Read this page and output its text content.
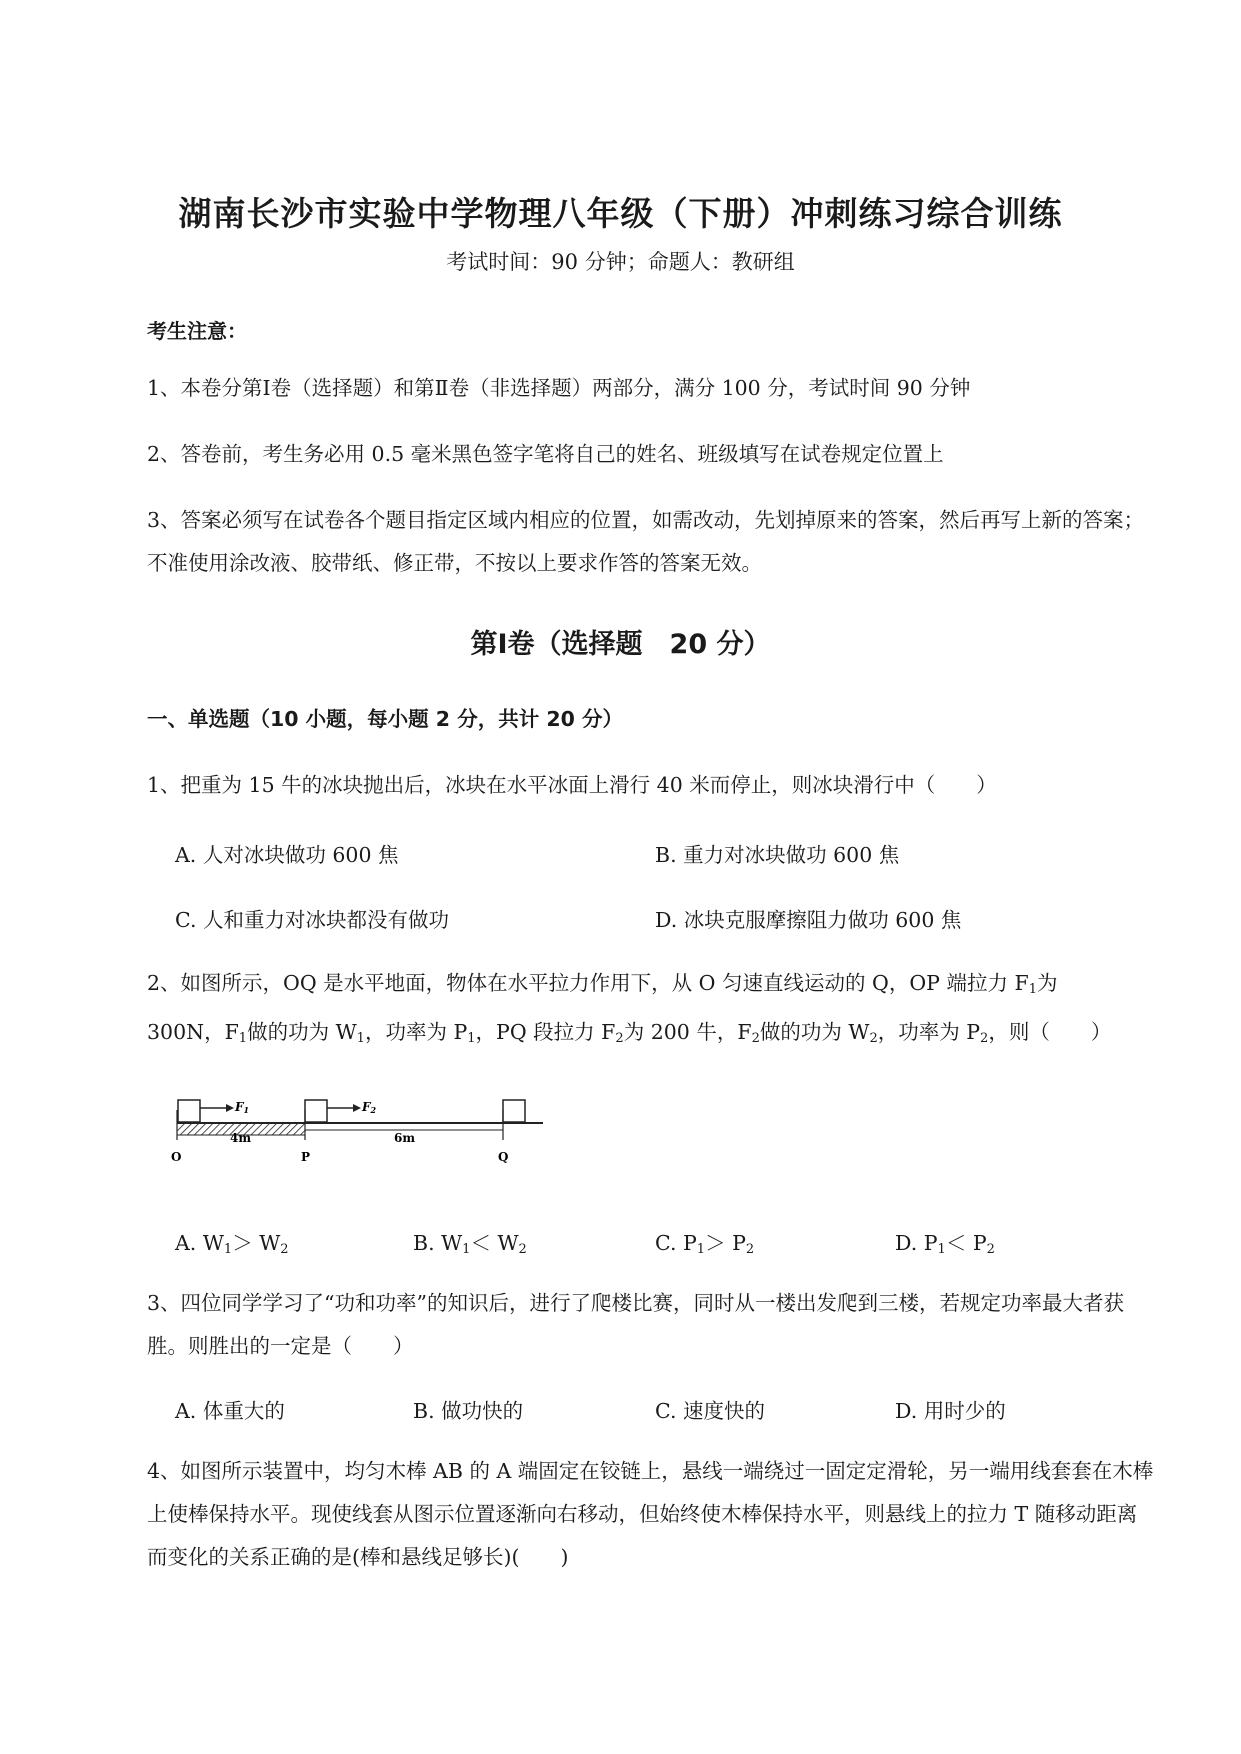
湖南长沙市实验中学物理八年级（下册）冲刺练习综合训练
考试时间：90 分钟；命题人：教研组
考生注意：
1、本卷分第Ⅰ卷（选择题）和第Ⅱ卷（非选择题）两部分，满分 100 分，考试时间 90 分钟
2、答卷前，考生务必用 0.5 毫米黑色签字笔将自己的姓名、班级填写在试卷规定位置上
3、答案必须写在试卷各个题目指定区域内相应的位置，如需改动，先划掉原来的答案，然后再写上新的答案；不准使用涂改液、胶带纸、修正带，不按以上要求作答的答案无效。
第Ⅰ卷（选择题　20 分）
一、单选题（10 小题，每小题 2 分，共计 20 分）
1、把重为 15 牛的冰块抛出后，冰块在水平冰面上滑行 40 米而停止，则冰块滑行中（　　）
A. 人对冰块做功 600 焦	B. 重力对冰块做功 600 焦
C. 人和重力对冰块都没有做功	D. 冰块克服摩擦阻力做功 600 焦
2、如图所示，OQ 是水平地面，物体在水平拉力作用下，从 O 匀速直线运动的 Q，OP 端拉力 $F_1$为
300N，$F_1$做的功为 $W_1$，功率为 $P_1$，PQ 段拉力 $F_2$为 200 牛，$F_2$做的功为 $W_2$，功率为 $P_2$，则（　　）
F1	F2
4m	6m
O	P	Q
A. $W_1> W_2$	B. $W_1< W_2$	C. $P_1> P_2$	D. $P_1< P_2$
3、四位同学学习了“功和功率”的知识后，进行了爬楼比赛，同时从一楼出发爬到三楼，若规定功率最大者获胜。则胜出的一定是（　　）
A. 体重大的	B. 做功快的	C. 速度快的	D. 用时少的
4、如图所示装置中，均匀木棒 AB 的 A 端固定在铰链上，悬线一端绕过一固定定滑轮，另一端用线套套在木棒上使棒保持水平。现使线套从图示位置逐渐向右移动，但始终使木棒保持水平，则悬线上的拉力 T 随移动距离而变化的关系正确的是(棒和悬线足够长)(　　)
